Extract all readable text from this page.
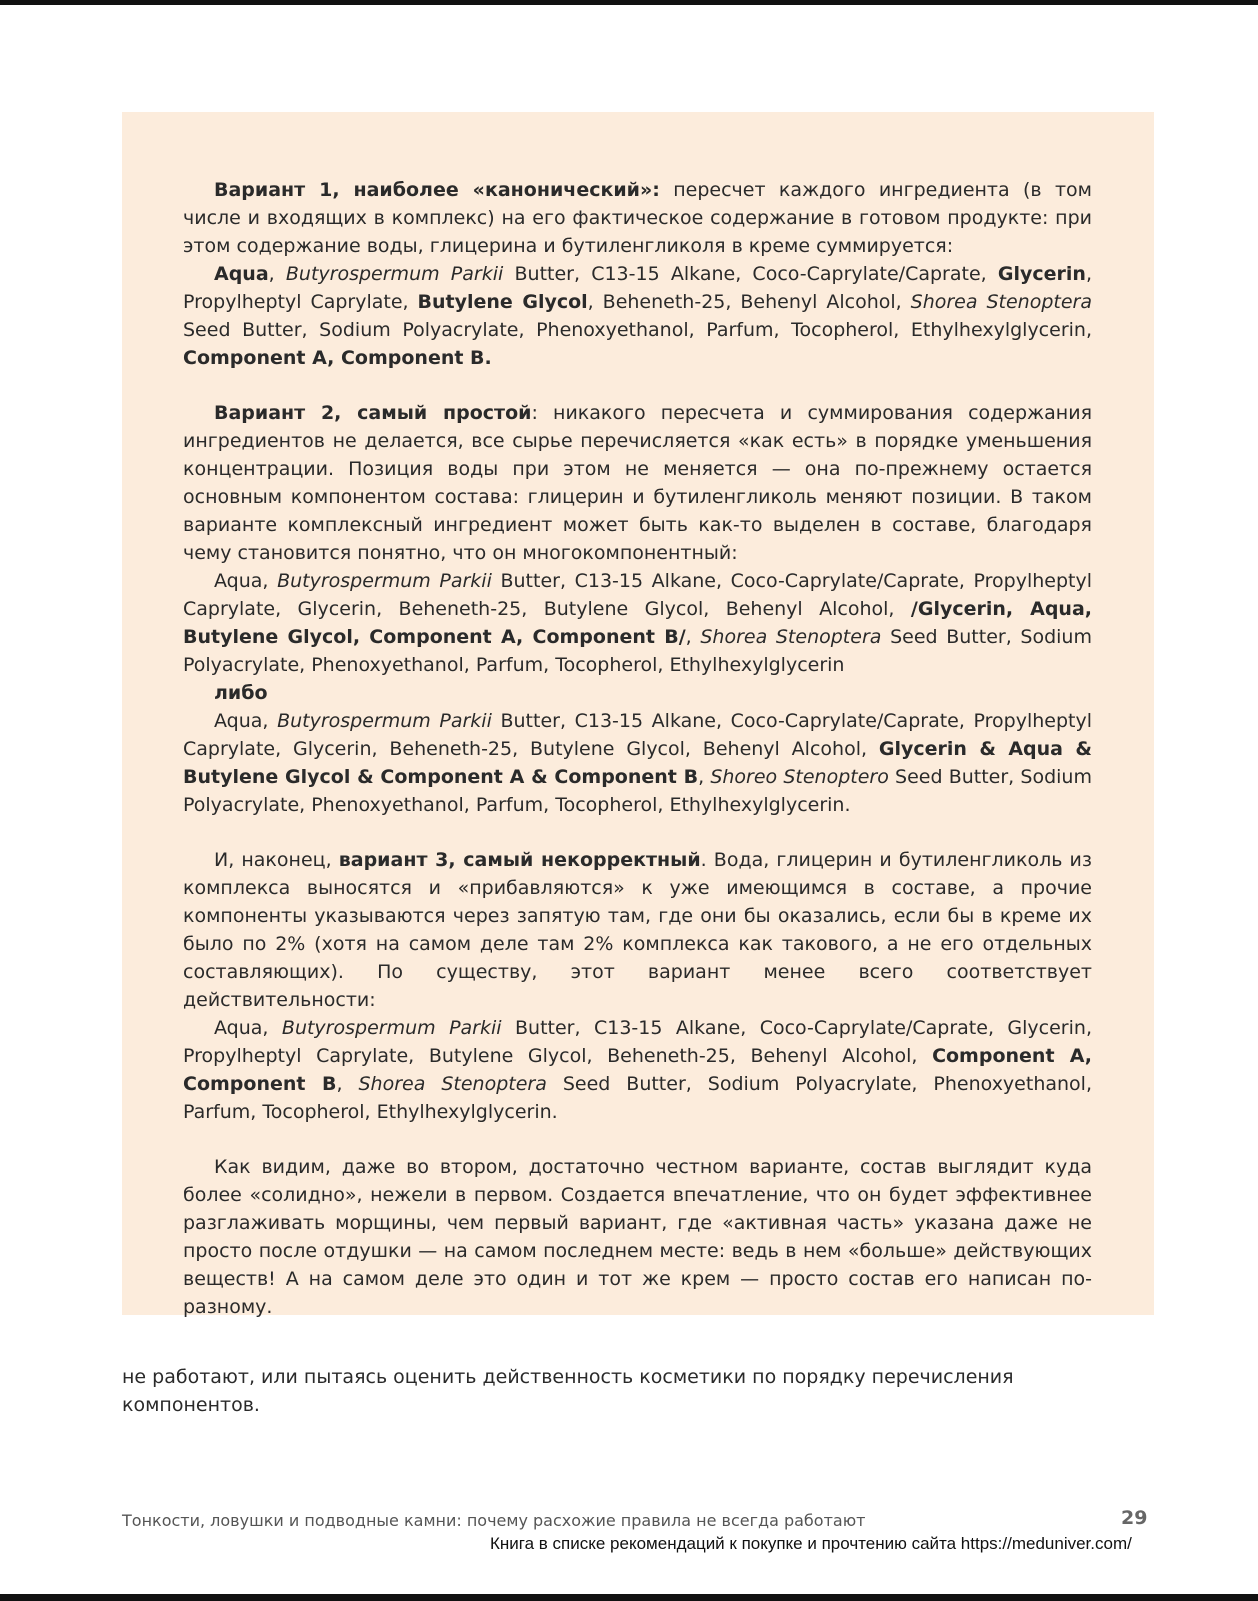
Вариант 1, наиболее «канонический»: пересчет каждого ингредиента (в том числе и входящих в комплекс) на его фактическое содержание в готовом продукте: при этом содержание воды, глицерина и бутиленгликоля в креме суммируется:

Aqua, Butyrospermum Parkii Butter, C13-15 Alkane, Coco-Caprylate/Caprate, Glycerin, Propylheptyl Caprylate, Butylene Glycol, Beheneth-25, Behenyl Alcohol, Shorea Stenoptera Seed Butter, Sodium Polyacrylate, Phenoxyethanol, Parfum, Tocopherol, Ethylhexylglycerin, Component A, Component B.

Вариант 2, самый простой: никакого пересчета и суммирования содержания ингредиентов не делается, все сырье перечисляется «как есть» в порядке уменьшения концентрации. Позиция воды при этом не меняется — она по-прежнему остается основным компонентом состава: глицерин и бутиленгликоль меняют позиции. В таком варианте комплексный ингредиент может быть как-то выделен в составе, благодаря чему становится понятно, что он многокомпонентный:

Aqua, Butyrospermum Parkii Butter, C13-15 Alkane, Coco-Caprylate/Caprate, Propylheptyl Caprylate, Glycerin, Beheneth-25, Butylene Glycol, Behenyl Alcohol, /Glycerin, Aqua, Butylene Glycol, Component A, Component B/, Shorea Stenoptera Seed Butter, Sodium Polyacrylate, Phenoxyethanol, Parfum, Tocopherol, Ethylhexylglycerin

либо

Aqua, Butyrospermum Parkii Butter, C13-15 Alkane, Coco-Caprylate/Caprate, Propylheptyl Caprylate, Glycerin, Beheneth-25, Butylene Glycol, Behenyl Alcohol, Glycerin & Aqua & Butylene Glycol & Component A & Component B, Shoreo Stenoptero Seed Butter, Sodium Polyacrylate, Phenoxyethanol, Parfum, Tocopherol, Ethylhexylglycerin.

И, наконец, вариант 3, самый некорректный. Вода, глицерин и бутиленгликоль из комплекса выносятся и «прибавляются» к уже имеющимся в составе, а прочие компоненты указываются через запятую там, где они бы оказались, если бы в креме их было по 2% (хотя на самом деле там 2% комплекса как такового, а не его отдельных составляющих). По существу, этот вариант менее всего соответствует действительности:

Aqua, Butyrospermum Parkii Butter, C13-15 Alkane, Coco-Caprylate/Caprate, Glycerin, Propylheptyl Caprylate, Butylene Glycol, Beheneth-25, Behenyl Alcohol, Component A, Component B, Shorea Stenoptera Seed Butter, Sodium Polyacrylate, Phenoxyethanol, Parfum, Tocopherol, Ethylhexylglycerin.

Как видим, даже во втором, достаточно честном варианте, состав выглядит куда более «солидно», нежели в первом. Создается впечатление, что он будет эффективнее разглаживать морщины, чем первый вариант, где «активная часть» указана даже не просто после отдушки — на самом последнем месте: ведь в нем «больше» действующих веществ! А на самом деле это один и тот же крем — просто состав его написан по-разному.

не работают, или пытаясь оценить действенность косметики по порядку перечисления компонентов.

Тонкости, ловушки и подводные камни: почему расхожие правила не всегда работают	29
Книга в списке рекомендаций к покупке и прочтению сайта https://meduniver.com/
